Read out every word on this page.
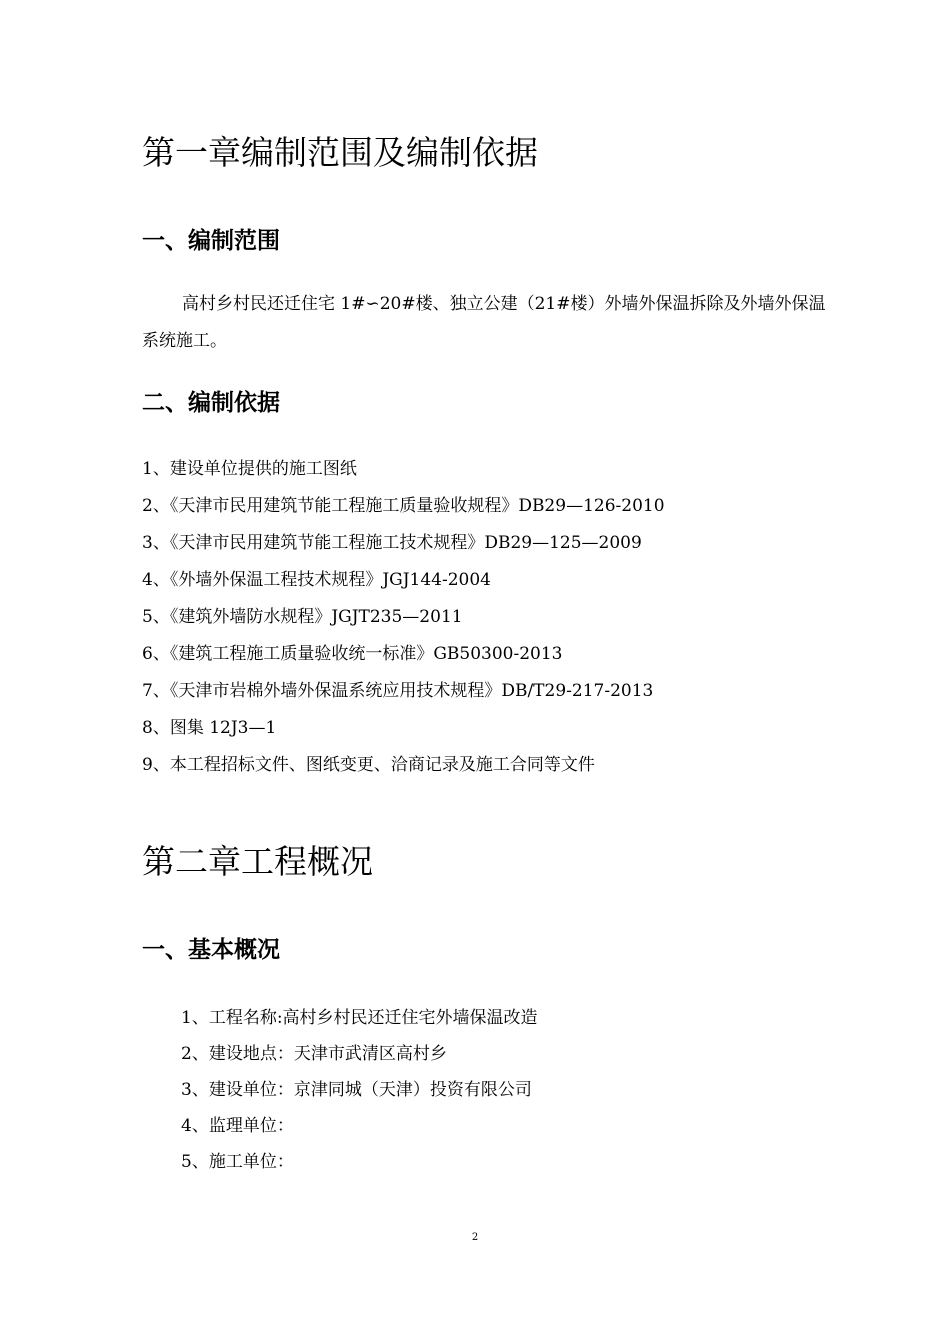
第一章编制范围及编制依据
一、编制范围

高村乡村民还迁住宅 1#∽20#楼、独立公建（21#楼）外墙外保温拆除及外墙外保温系统施工。

二、编制依据
1、建设单位提供的施工图纸
2、《天津市民用建筑节能工程施工质量验收规程》DB29—126-2010
3、《天津市民用建筑节能工程施工技术规程》DB29—125—2009
4、《外墙外保温工程技术规程》JGJ144-2004
5、《建筑外墙防水规程》JGJT235—2011
6、《建筑工程施工质量验收统一标准》GB50300-2013
7、《天津市岩棉外墙外保温系统应用技术规程》DB/T29-217-2013
8、图集 12J3—1
9、本工程招标文件、图纸变更、洽商记录及施工合同等文件
第二章工程概况
一、基本概况
1、工程名称:高村乡村民还迁住宅外墙保温改造
2、建设地点：天津市武清区高村乡
3、建设单位：京津同城（天津）投资有限公司
4、监理单位：
5、施工单位：
2
